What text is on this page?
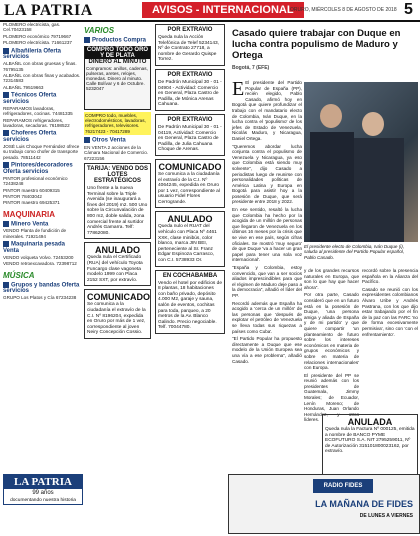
LA PATRIA	AVISOS - INTERNACIONAL
ORURO, MIÉRCOLES 8 DE AGOSTO DE 2018 5

PLOMERO electricista, gas. Cel.70423158

PLOMERO económico 79719667

PLOMERO electricista. 71661237

Albañilería Oferta servicios

ALBAÑIL con obras gruesas y finas. 76795135

ALBAÑIL con obras finas y acabados. 72314583

ALBAÑIL 79519663

Técnicos Oferta servicios

REPARAMOS lavadoras, refrigeradores, cocinas. 74481335

REPARAMOS refrigeradores, lavadoras, secadoras. 76198522

Choferes Oferta servicios

JOSÉ Luis Choque Fernández ofrece su trabajo como chofer de transporte pesado. 78511442

Pintores/decoradores Oferta servicios

PINTOR profesional económico 72438248

PINTOR maestro 60409315

PINTOR 78403042

PINTOR maestro 69425371

MAQUINARIA
Minero Venta

VENDO Planta de fundición de minerales. 71921494

Maquinaria pesada Venta

VENDO volqueta Volvo. 72453200

VENDO retroexcavadora. 72398712

MÚSICA
Grupos y bandas Oferta servicios

GRUPO Los Platos y Cía 67234238

LA PATRIA
99 años
documentando nuestra historia
VARIOS
Productos Compra
COMPRO TODO ORO Y DE PLATA
DINERO AL MINUTO
Compramos: anillos, cadenas, pulseras, aretes, relojes, monedas. Dinero al minuto. Calle Bolívar y 6 de Octubre. 5232047
COMPRO todo, muebles, electrodomésticos, lavadoras, refrigeradores, televisores. 76217423 - 70417289
Otros Venta

EN VENTA 2 acciones de la Cámara Nacional de Comercio. 67223156

TARIJA: VENDO DOS LOTES ESTRATÉGICOS
Uno frente a la nueva Terminal sobre la Triple Avenida (se inaugurará a fines del 2019) m2. 500 Uno sobre la Circunvalación de 800 m2, doble salida, zona comercial frente al surtidor Andrés Gamarra. Telf: 77862080.
ANULADO
Queda nula el Certificado (RUA) del vehículo Toyota Funcargo clase vagoneta modelo 1999 con Placa 2152 SXT, por extravío.
COMUNICADO
Se comunica a la ciudadanía el extravío de la C.I. Nº 8196204, expedida en Oruro por más de 1 vez, correspondiente al joven Neiry Concepción Cossio.
POR EXTRAVIO
Queda nula la Acción Telefónica de Telef 5234143, Nº de Contrato 27718, a nombre de Gerardo Quispe Torrez.
POR EXTRAVIO
De Padrón Municipal 30 - 01 - 04904 - Actividad: Comercio en General, Plaza Castro de Padilla, de Mónica Arenas Cahuana.
POR EXTRAVIO
De Padrón Municipal 30 - 01 - 04119, Actividad: Comercio en General, Plaza Castro de Padilla, de Julia Cahuana Choque de Arenas.
COMUNICADO
Se comunica a la ciudadanía el extravío de la C.I. Nº 4064245, expedida en Oruro por 1 vez, correspondiente al usuario Fidel Flores Cerrogrande.
ANULADO
Queda nulo el RUAT del vehículo con Placa Nº 4461 XXK, clase minibús, color blanco, marca JIN BEI, perteneciente al Sr. Franz Edgar Espinoza Carrasco, con C.I. 5738933 Or.
EN COCHABAMBA
Vendo el hotel por edificios de 8 plantas, 18 habitaciones con baño privado, depósito 4.000 M2, garaje y sauna, salón de eventos, cochitas para toda, parqueo, a 20 metros de la Av. Blanco Galindo. Precio negociable. Telf. 70044780.
Casado quiere trabajar con Duque en lucha contra populismo de Maduro y Ortega
Bogotá, 7 (EFE)
E El presidente del Partido Popular de España (PP), recién elegido, Pablo Casado, afirmó hoy en Bogotá que quiere profundizar el trabajo con el mandatario electo de Colombia, Iván Duque, en la lucha contra el 'populismo' de los jefes de Estado de Venezuela, Nicolás Maduro, y Nicaragua, Daniel Ortega.
"Queremos abordar lucha conjunta contra el populismo de Venezuela y Nicaragua, ya eso que Colombia está siendo muy solvente", dijo Casado a periodistas luego de reunirse con personalidades políticas de América Latina y Europa en Bogotá para asistir hoy a la posesión de Duque, que será presidente entre 2018 y 2022.
En ese sentido, resaltó la lucha que Colombia ha hecho por la acogida de un millón de personas que llegaron de Venezuela en los últimos 16 meses por la crisis que se vive en ese país, según cifras oficiales. Se mostró 'muy seguro' de que Duque 'va a hacer un gran papel para tener una sola voz internacional'.
"España y Colombia, estoy convencido, que van a ser socios aliados imprescindibles para que el régimen de Maduro deje paso a la democracia", añadió el líder del PP.
Recordó además que España ha acogido a 'cerca de un millón' de las personas que 'después de explotar el petróleo de Venezuela se lleva todas sus riquezas a países como Cuba'.
"El Partido Popular ha propuesto directamente a Duque que ese modelo de la Unión Europea sea una vía a ese problema", añadió Casado.
El presidente electo de Colombia, Iván Duque (i), saluda al presidente del Partido Popular español, Pablo Casado.
y de los grandes recursos naturales en Europa, que son lo que hay que hacer ahora".
Por otra parte, Casado consideró que en un futuro está en la posesión de Duque, 'una persona amiga y aliada de España y de mi partido' y que quiere compartir 'un planteamiento de futuro sobre los intereses económicos en materia de grupos económicos y sobre en materia de relaciones internacionales' con Europa.
El presidente del PP se reunió además con los presidentes de Guatemala, Jimmy Morales; de Ecuador, Lenín Moreno; de Honduras, Juan Orlando Hernández, y otros líderes.
recordó sobre la presencia española en la Alianza del Pacífico.
Casado se reunió con los expresidentes colombianos Álvaro Uribe y Andrés Pastrana, con los que dijo estar trabajando por el fin de la paz con las FARC 'no de forma excesivamente permisiva', sino con 'con el enfrentamiento'.
ANULADA
Queda nula la Factura Nº 000125, emitida a nombre de BANCO PYME ECOFUTURO S.A. NIT 2795259011, Nº de Autorización 315101800023162, por extravío.
RADIO FIDES
LA MAÑANA DE FIDES
DE LUNES A VIERNES
